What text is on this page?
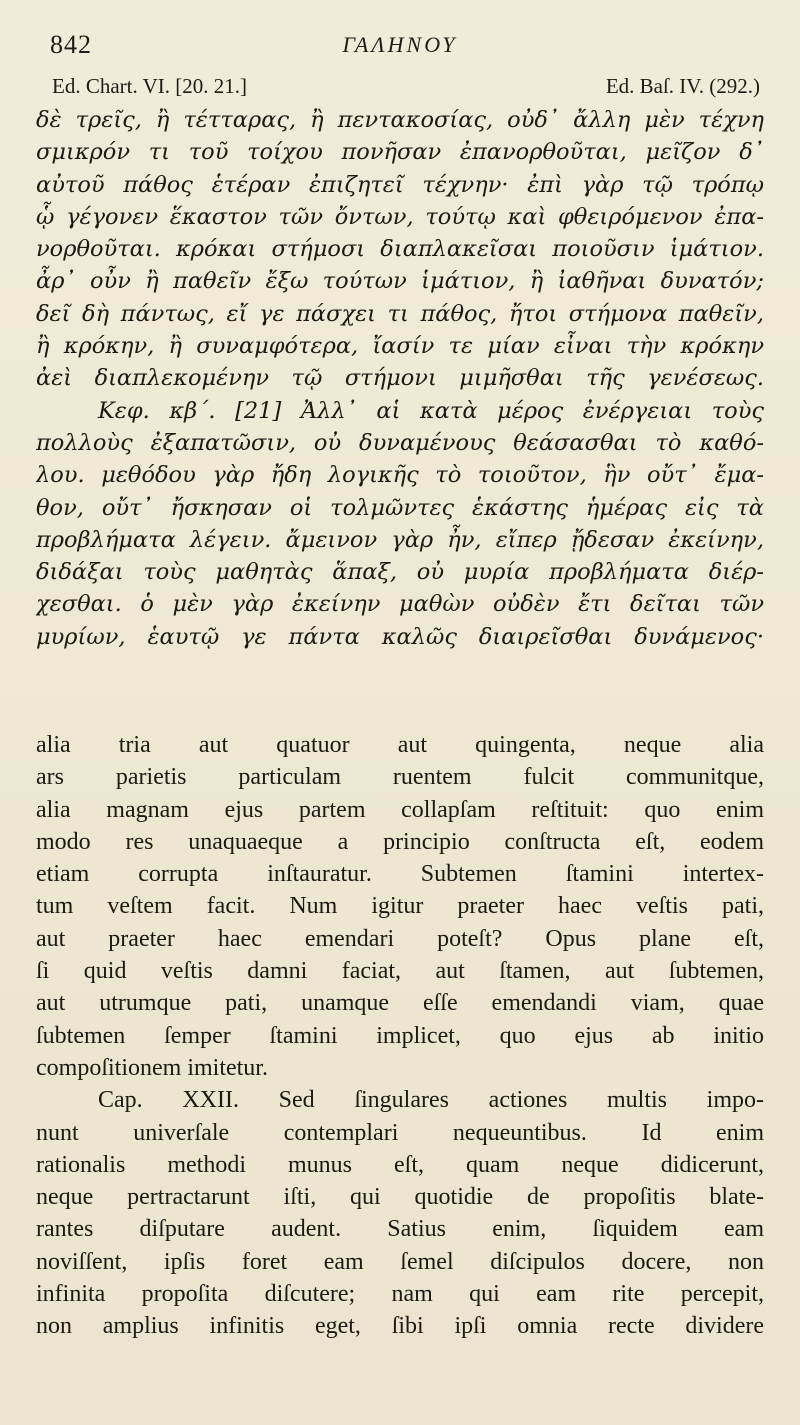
842	ΓΑΛΗΝΟΥ
Ed. Chart. VI. [20. 21.]	Ed. Baſ. IV. (292.)
δὲ τρεῖς, ἢ τέτταρας, ἢ πεντακοσίας, οὐδ᾽ ἄλλη μὲν τέχνη
σμικρόν τι τοῦ τοίχου πονῆσαν ἐπανορθοῦται, μεῖζον δ᾽
αὐτοῦ πάθος ἑτέραν ἐπιζητεῖ τέχνην· ἐπὶ γὰρ τῷ τρόπῳ
ᾧ γέγονεν ἕκαστον τῶν ὄντων, τούτῳ καὶ φθειρόμενον ἐπα-
νορθοῦται. κρόκαι στήμοσι διαπλακεῖσαι ποιοῦσιν ἱμάτιον.
ἆρ᾽ οὖν ἢ παθεῖν ἔξω τούτων ἱμάτιον, ἢ ἰαθῆναι δυνατόν;
δεῖ δὴ πάντως, εἴ γε πάσχει τι πάθος, ἤτοι στήμονα παθεῖν,
ἢ κρόκην, ἢ συναμφότερα, ἴασίν τε μίαν εἶναι τὴν κρόκην
ἀεὶ διαπλεκομένην τῷ στήμονι μιμῆσθαι τῆς γενέσεως.
Κεφ. κβ΄. [21] Ἀλλ᾽ αἱ κατὰ μέρος ἐνέργειαι τοὺς
πολλοὺς ἐξαπατῶσιν, οὐ δυναμένους θεάσασθαι τὸ καθό-
λου. μεθόδου γὰρ ἤδη λογικῆς τὸ τοιοῦτον, ἣν οὔτ᾽ ἔμα-
θον, οὔτ᾽ ἤσκησαν οἱ τολμῶντες ἑκάστης ἡμέρας εἰς τὰ
προβλήματα λέγειν. ἄμεινον γὰρ ἦν, εἴπερ ᾔδεσαν ἐκείνην,
διδάξαι τοὺς μαθητὰς ἅπαξ, οὐ μυρία προβλήματα διέρ-
χεσθαι. ὁ μὲν γὰρ ἐκείνην μαθὼν οὐδὲν ἔτι δεῖται τῶν
μυρίων, ἑαυτῷ γε πάντα καλῶς διαιρεῖσθαι δυνάμενος·
alia tria aut quatuor aut quingenta, neque alia
ars parietis particulam ruentem fulcit communitque,
alia magnam ejus partem collapſam reſtituit: quo enim
modo res unaquaeque a principio conſtructa eſt, eodem
etiam corrupta inſtauratur. Subtemen ſtamini intertex-
tum veſtem facit. Num igitur praeter haec veſtis pati,
aut praeter haec emendari poteſt? Opus plane eſt,
ſi quid veſtis damni faciat, aut ſtamen, aut ſubtemen,
aut utrumque pati, unamque eſſe emendandi viam, quae
ſubtemen ſemper ſtamini implicet, quo ejus ab initio
compoſitionem imitetur.
Cap. XXII. Sed ſingulares actiones multis impo-
nunt univerſale contemplari nequeuntibus. Id enim
rationalis methodi munus eſt, quam neque didicerunt,
neque pertractarunt iſti, qui quotidie de propoſitis blate-
rantes diſputare audent. Satius enim, ſiquidem eam
noviſſent, ipſis foret eam ſemel diſcipulos docere, non
infinita propoſita diſcutere; nam qui eam rite percepit,
non amplius infinitis eget, ſibi ipſi omnia recte dividere
